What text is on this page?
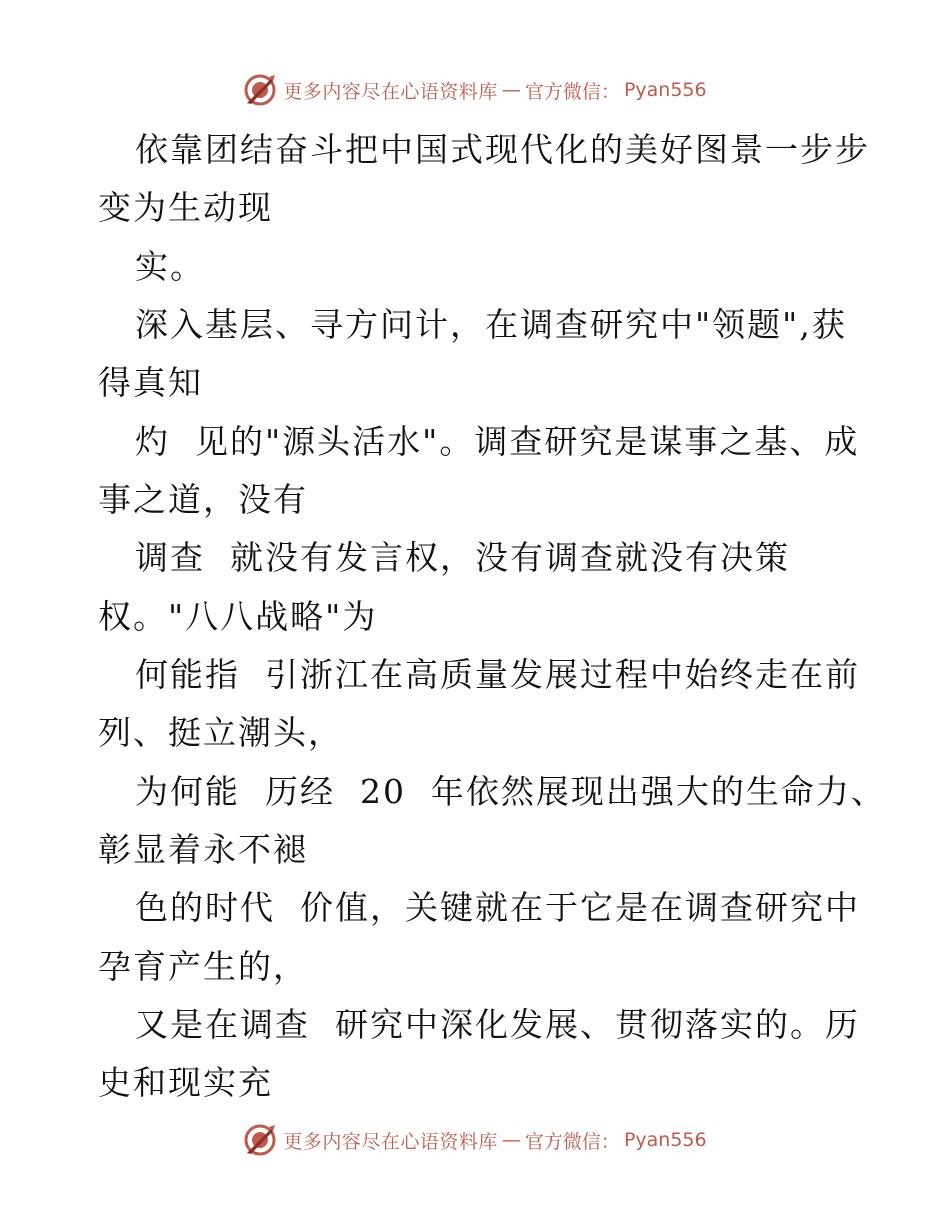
更多内容尽在心语资料库 — 官方微信： Pyan556
依靠团结奋斗把中国式现代化的美好图景一步步
变为生动现
实。
深入基层、寻方问计，在调查研究中"领题",获
得真知
灼  见的"源头活水"。调查研究是谋事之基、成
事之道，没有
调查  就没有发言权，没有调查就没有决策
权。"八八战略"为
何能指  引浙江在高质量发展过程中始终走在前
列、挺立潮头，
为何能  历经  20  年依然展现出强大的生命力、
彰显着永不褪
色的时代  价值，关键就在于它是在调查研究中
孕育产生的，
又是在调查  研究中深化发展、贯彻落实的。历
史和现实充
更多内容尽在心语资料库 — 官方微信： Pyan556
